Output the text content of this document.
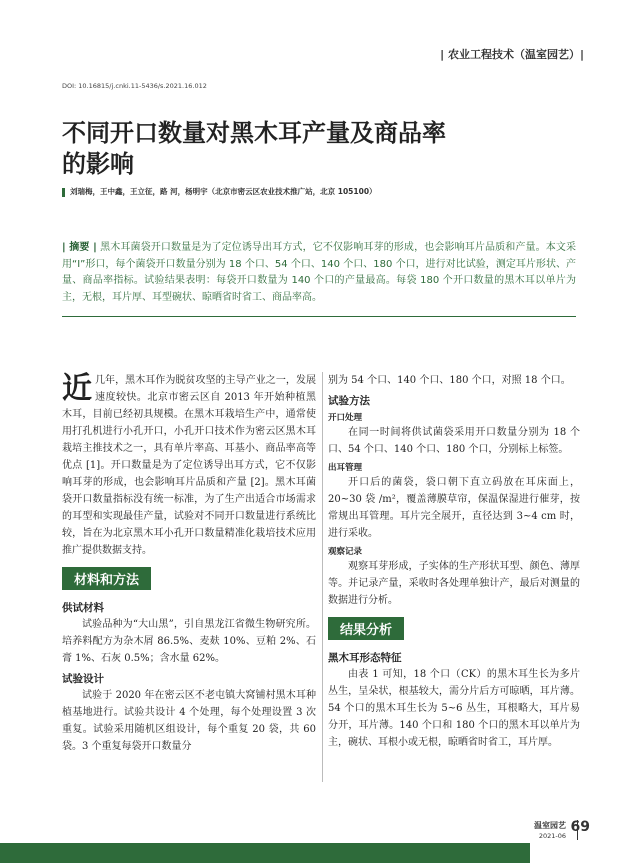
| 农业工程技术（温室园艺）|
DOI: 10.16815/j.cnki.11-5436/s.2021.16.012
不同开口数量对黑木耳产量及商品率
的影响
刘瑞梅，王中鑫，王立征，路 河，杨明宇（北京市密云区农业技术推广站，北京 105100）
| 摘要 | 黑木耳菌袋开口数量是为了定位诱导出耳方式，它不仅影响耳芽的形成，也会影响耳片品质和产量。本文采用“I”形口，每个菌袋开口数量分别为 18 个口、54 个口、140 个口、180 个口，进行对比试验，测定耳片形状、产量、商品率指标。试验结果表明：每袋开口数量为 140 个口的产量最高。每袋 180 个开口数量的黑木耳以单片为主，无根，耳片厚、耳型碗状、晾晒省时省工、商品率高。

近几年，黑木耳作为脱贫攻坚的主导产业之一，发展速度较快。北京市密云区自 2013 年开始种植黑木耳，目前已经初具规模。在黑木耳栽培生产中，通常使用打孔机进行小孔开口，小孔开口技术作为密云区黑木耳栽培主推技术之一，具有单片率高、耳基小、商品率高等优点 [1]。开口数量是为了定位诱导出耳方式，它不仅影响耳芽的形成，也会影响耳片品质和产量 [2]。黑木耳菌袋开口数量指标没有统一标准，为了生产出适合市场需求的耳型和实现最佳产量，试验对不同开口数量进行系统比较，旨在为北京黑木耳小孔开口数量精准化栽培技术应用推广提供数据支持。

材料和方法
供试材料

试验品种为“大山黑”，引自黑龙江省微生物研究所。培养料配方为杂木屑 86.5%、麦麸 10%、豆粕 2%、石膏 1%、石灰 0.5%；含水量 62%。

试验设计

试验于 2020 年在密云区不老屯镇大窝铺村黑木耳种植基地进行。试验共设计 4 个处理，每个处理设置 3 次重复。试验采用随机区组设计，每个重复 20 袋，共 60 袋。3 个重复每袋开口数量分

别为 54 个口、140 个口、180 个口，对照 18 个口。

试验方法
开口处理

在同一时间将供试菌袋采用开口数量分别为 18 个口、54 个口、140 个口、180 个口，分别标上标签。

出耳管理

开口后的菌袋，袋口朝下直立码放在耳床面上，20~30 袋 /m²，覆盖薄膜草帘，保温保湿进行催芽，按常规出耳管理。耳片完全展开，直径达到 3~4 cm 时，进行采收。

观察记录

观察耳芽形成，子实体的生产形状耳型、颜色、薄厚等。并记录产量，采收时各处理单独计产，最后对测量的数据进行分析。

结果分析
黑木耳形态特征

由表 1 可知，18 个口（CK）的黑木耳生长为多片丛生，呈朵状，根基较大，需分片后方可晾晒，耳片薄。54 个口的黑木耳生长为 5~6 丛生，耳根略大，耳片易分开，耳片薄。140 个口和 180 个口的黑木耳以单片为主，碗状、耳根小或无根，晾晒省时省工，耳片厚。

温室园艺
2021-06
69
